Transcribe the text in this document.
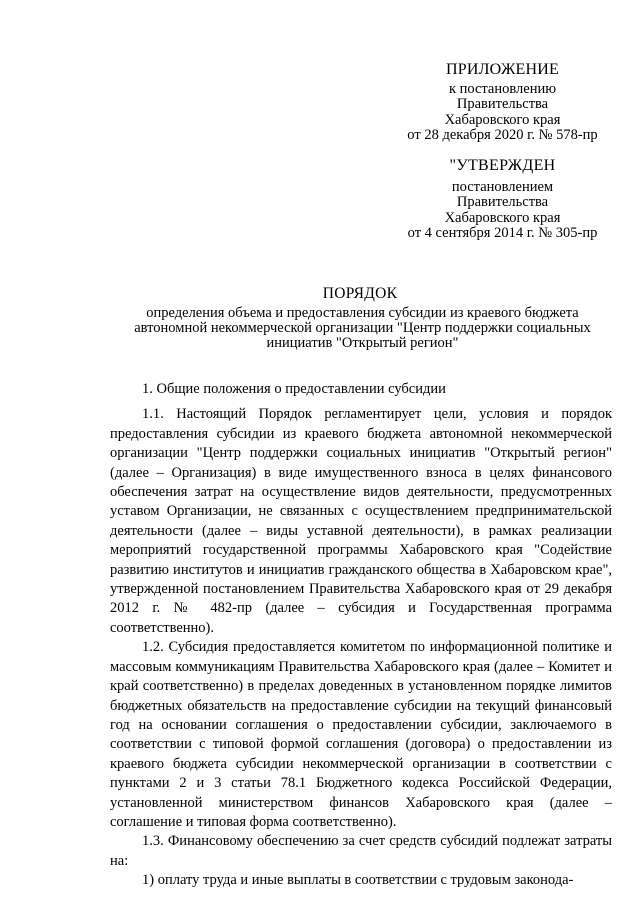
ПРИЛОЖЕНИЕ
к постановлению
Правительства
Хабаровского края
от 28 декабря 2020 г. № 578-пр
"УТВЕРЖДЕН
постановлением
Правительства
Хабаровского края
от 4 сентября 2014 г. № 305-пр
ПОРЯДОК
определения объема и предоставления субсидии из краевого бюджета автономной некоммерческой организации "Центр поддержки социальных инициатив "Открытый регион"

1. Общие положения о предоставлении субсидии

1.1. Настоящий Порядок регламентирует цели, условия и порядок предоставления субсидии из краевого бюджета автономной некоммерческой организации "Центр поддержки социальных инициатив "Открытый регион" (далее – Организация) в виде имущественного взноса в целях финансового обеспечения затрат на осуществление видов деятельности, предусмотренных уставом Организации, не связанных с осуществлением предпринимательской деятельности (далее – виды уставной деятельности), в рамках реализации мероприятий государственной программы Хабаровского края "Содействие развитию институтов и инициатив гражданского общества в Хабаровском крае", утвержденной постановлением Правительства Хабаровского края от 29 декабря 2012 г. № 482-пр (далее – субсидия и Государственная программа соответственно).

1.2. Субсидия предоставляется комитетом по информационной политике и массовым коммуникациям Правительства Хабаровского края (далее – Комитет и край соответственно) в пределах доведенных в установленном порядке лимитов бюджетных обязательств на предоставление субсидии на текущий финансовый год на основании соглашения о предоставлении субсидии, заключаемого в соответствии с типовой формой соглашения (договора) о предоставлении из краевого бюджета субсидии некоммерческой организации в соответствии с пунктами 2 и 3 статьи 78.1 Бюджетного кодекса Российской Федерации, установленной министерством финансов Хабаровского края (далее – соглашение и типовая форма соответственно).

1.3. Финансовому обеспечению за счет средств субсидий подлежат затраты на:

1) оплату труда и иные выплаты в соответствии с трудовым законода-
